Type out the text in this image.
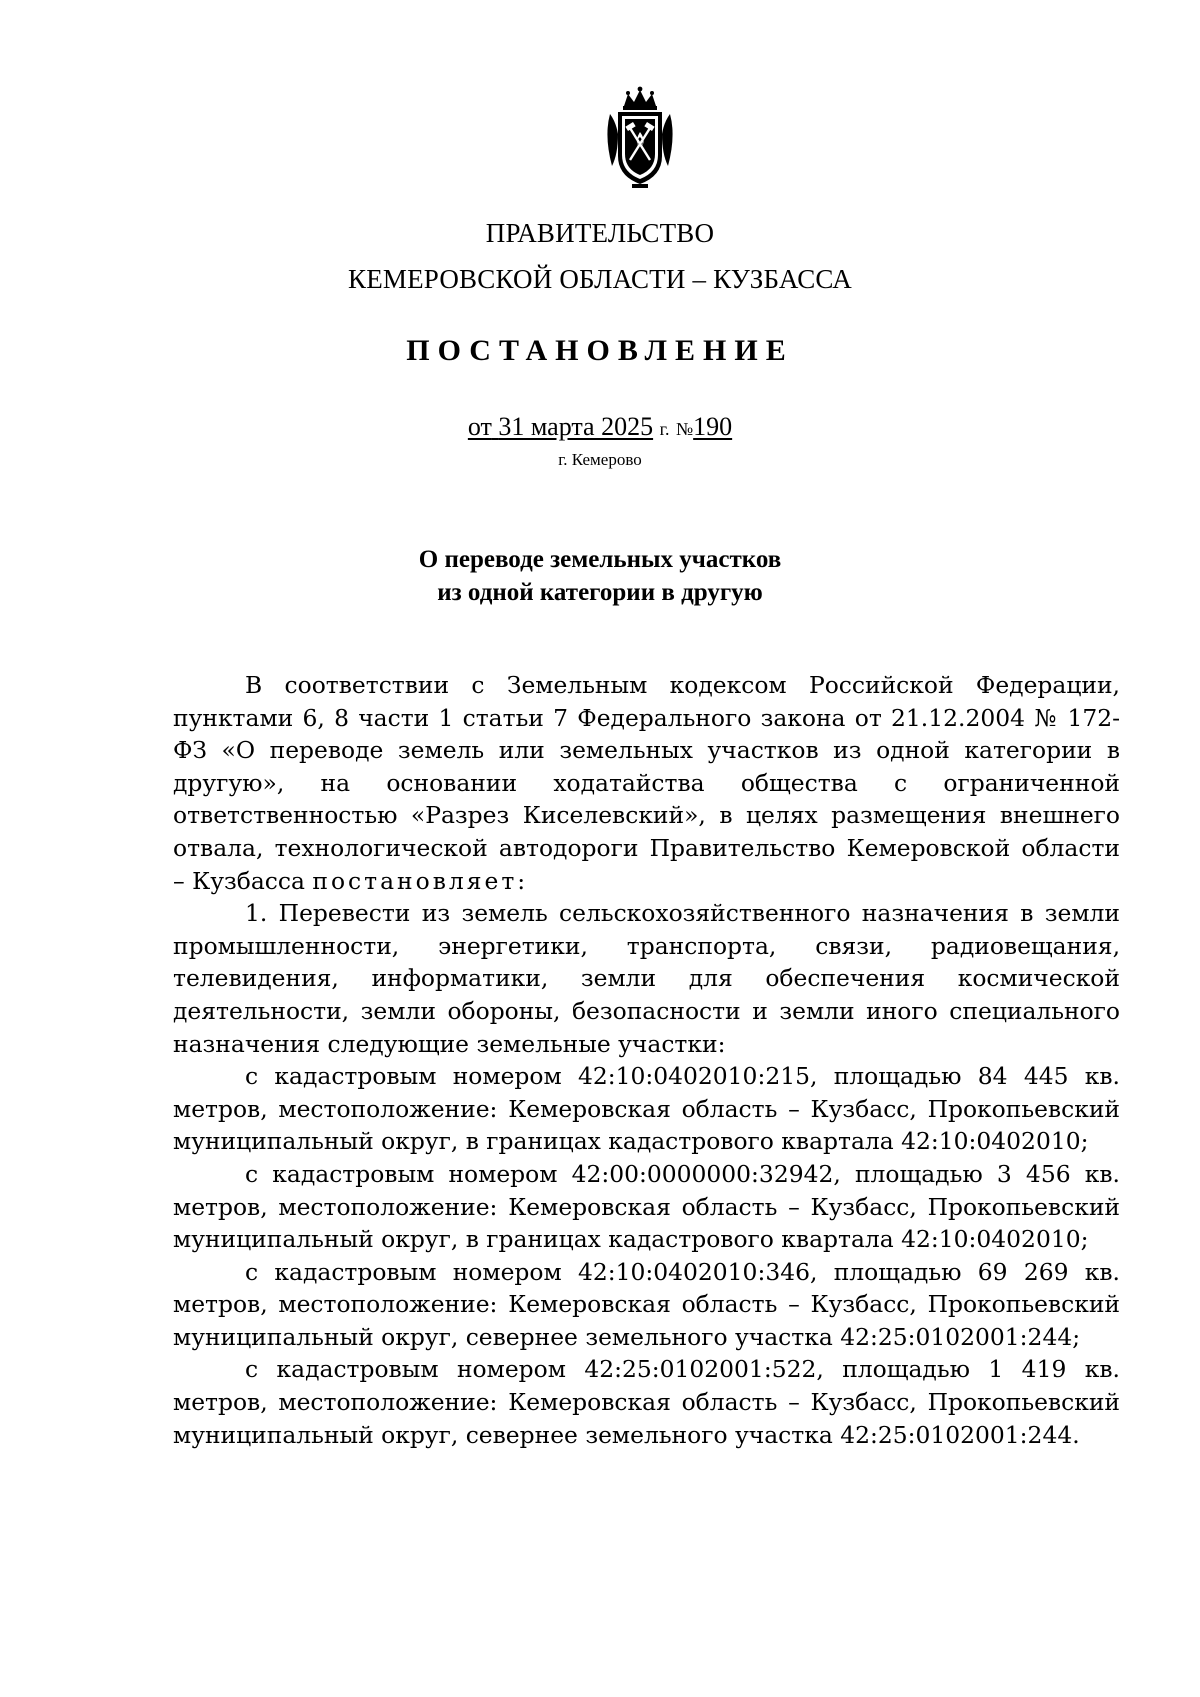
ПРАВИТЕЛЬСТВО
КЕМЕРОВСКОЙ ОБЛАСТИ – КУЗБАССА
ПОСТАНОВЛЕНИЕ
от 31 марта 2025 г. №190
г. Кемерово
О переводе земельных участков
из одной категории в другую

В соответствии с Земельным кодексом Российской Федерации, пунктами 6, 8 части 1 статьи 7 Федерального закона от 21.12.2004 № 172-ФЗ «О переводе земель или земельных участков из одной категории в другую», на основании ходатайства общества с ограниченной ответственностью «Разрез Киселевский», в целях размещения внешнего отвала, технологической автодороги Правительство Кемеровской области – Кузбасса постановляет:

1. Перевести из земель сельскохозяйственного назначения в земли промышленности, энергетики, транспорта, связи, радиовещания, телевидения, информатики, земли для обеспечения космической деятельности, земли обороны, безопасности и земли иного специального назначения следующие земельные участки:

с кадастровым номером 42:10:0402010:215, площадью 84 445 кв. метров, местоположение: Кемеровская область – Кузбасс, Прокопьевский муниципальный округ, в границах кадастрового квартала 42:10:0402010;

с кадастровым номером 42:00:0000000:32942, площадью 3 456 кв. метров, местоположение: Кемеровская область – Кузбасс, Прокопьевский муниципальный округ, в границах кадастрового квартала 42:10:0402010;

с кадастровым номером 42:10:0402010:346, площадью 69 269 кв. метров, местоположение: Кемеровская область – Кузбасс, Прокопьевский муниципальный округ, севернее земельного участка 42:25:0102001:244;

с кадастровым номером 42:25:0102001:522, площадью 1 419 кв. метров, местоположение: Кемеровская область – Кузбасс, Прокопьевский муниципальный округ, севернее земельного участка 42:25:0102001:244.
